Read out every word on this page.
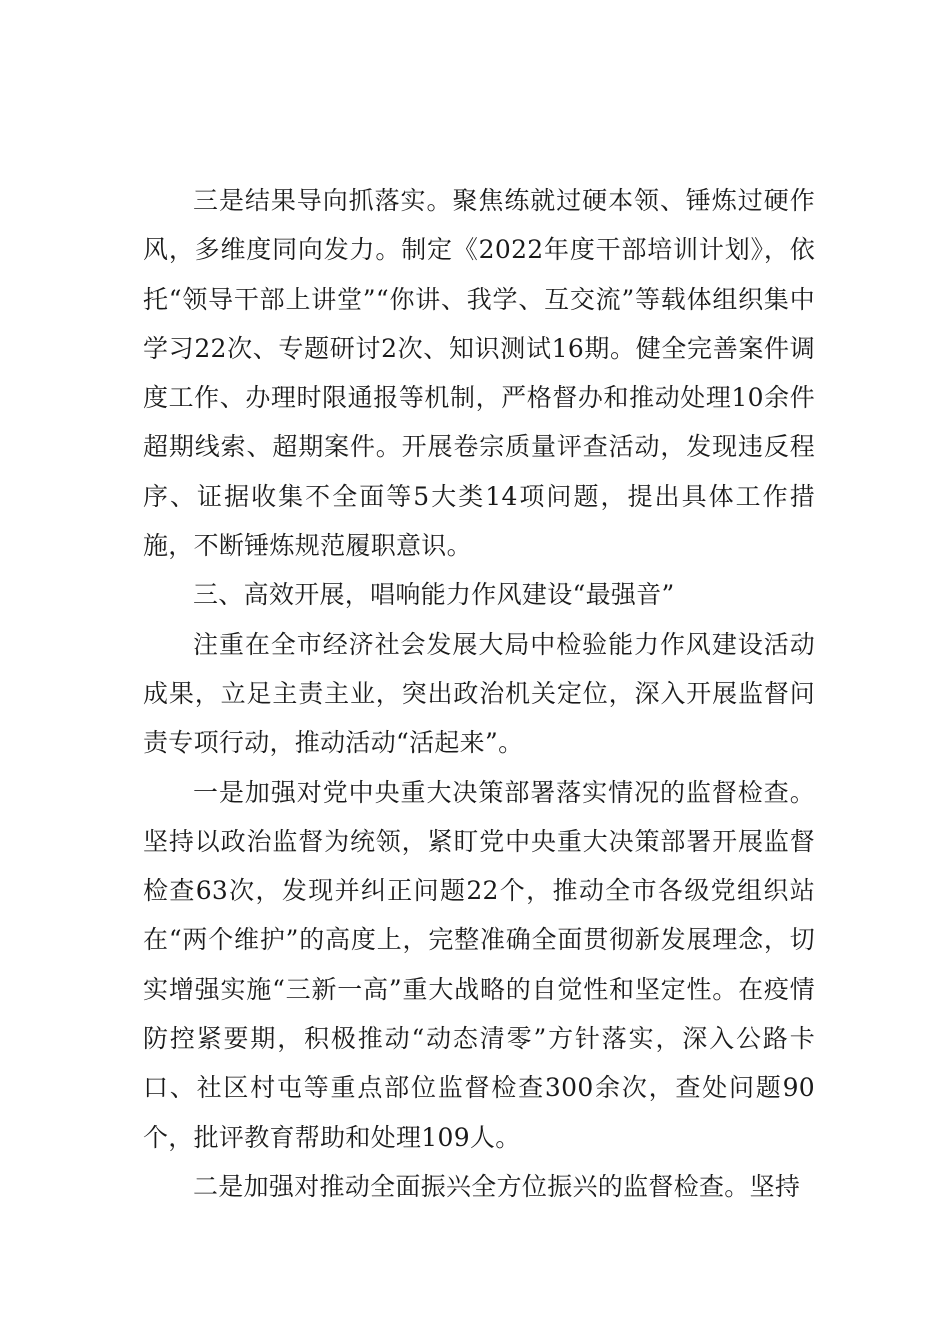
三是结果导向抓落实。聚焦练就过硬本领、锤炼过硬作风，多维度同向发力。制定《2022年度干部培训计划》，依托“领导干部上讲堂”“你讲、我学、互交流”等载体组织集中学习22次、专题研讨2次、知识测试16期。健全完善案件调度工作、办理时限通报等机制，严格督办和推动处理10余件超期线索、超期案件。开展卷宗质量评查活动，发现违反程序、证据收集不全面等5大类14项问题，提出具体工作措施，不断锤炼规范履职意识。

三、高效开展，唱响能力作风建设“最强音”

注重在全市经济社会发展大局中检验能力作风建设活动成果，立足主责主业，突出政治机关定位，深入开展监督问责专项行动，推动活动“活起来”。

一是加强对党中央重大决策部署落实情况的监督检查。坚持以政治监督为统领，紧盯党中央重大决策部署开展监督检查63次，发现并纠正问题22个，推动全市各级党组织站在“两个维护”的高度上，完整准确全面贯彻新发展理念，切实增强实施“三新一高”重大战略的自觉性和坚定性。在疫情防控紧要期，积极推动“动态清零”方针落实，深入公路卡口、社区村屯等重点部位监督检查300余次，查处问题90个，批评教育帮助和处理109人。

二是加强对推动全面振兴全方位振兴的监督检查。坚持
